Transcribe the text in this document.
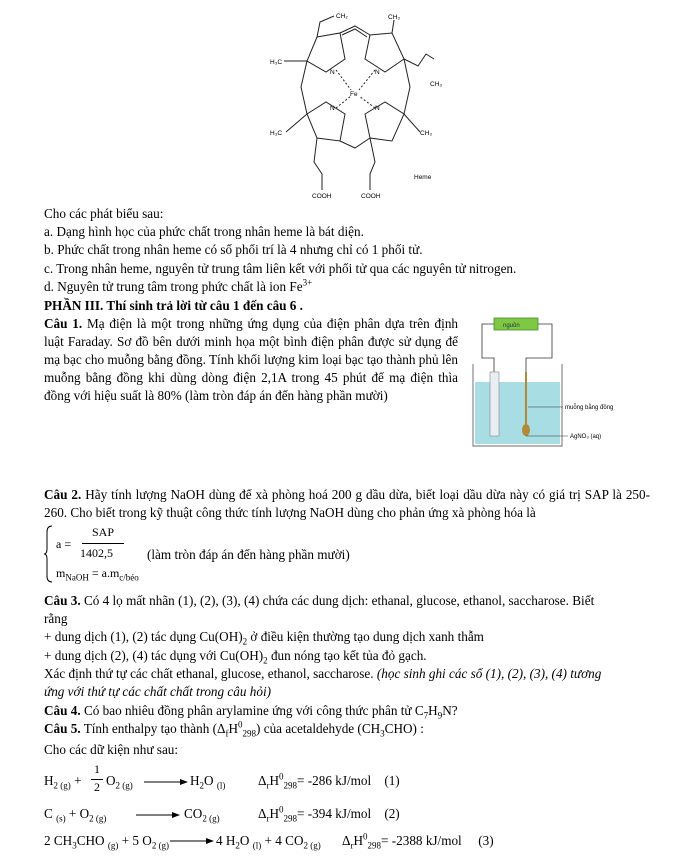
CH₂	CH₃
H₃C
CH₃
H₃C	CH₃
N	N
N	N
Fe
COOH	COOH
Heme
Cho các phát biểu sau:
a. Dạng hình học của phức chất trong nhân heme là bát diện.
b. Phức chất trong nhân heme có số phối trí là 4 nhưng chỉ có 1 phối tử.
c. Trong nhân heme, nguyên tử trung tâm liên kết với phối tử qua các nguyên tử nitrogen.
d. Nguyên tử trung tâm trong phức chất là ion $Fe^{3+}$
PHẦN III. Thí sinh trả lời từ câu 1 đến câu 6 .
Câu 1. Mạ điện là một trong những ứng dụng của điện phân dựa trên định luật Faraday. Sơ đồ bên dưới minh họa một bình điện phân được sử dụng để mạ bạc cho muỗng bằng đồng. Tính khối lượng kim loại bạc tạo thành phủ lên muỗng bằng đồng khi dùng dòng điện 2,1A trong 45 phút để mạ điện thìa đồng với hiệu suất là 80% (làm tròn đáp án đến hàng phần mười)
nguồn
muỗng bằng đồng
AgNO₃ (aq)
Câu 2. Hãy tính lượng NaOH dùng để xà phòng hoá 200 g dầu dừa, biết loại dầu dừa này có giá trị SAP là 250-260. Cho biết trong kỹ thuật công thức tính lượng NaOH dùng cho phản ứng xà phòng hóa là
a =
SAP
1402,5
$m_{NaOH} = a.m_{c/béo}$
(làm tròn đáp án đến hàng phần mười)
Câu 3. Có 4 lọ mất nhãn (1), (2), (3), (4) chứa các dung dịch: ethanal, glucose, ethanol, saccharose. Biết
rằng
+ dung dịch (1), (2) tác dụng $Cu(OH)_2$ ở điều kiện thường tạo dung dịch xanh thẫm
+ dung dịch (2), (4) tác dụng với $Cu(OH)_2$ đun nóng tạo kết tủa đỏ gạch.
Xác định thứ tự các chất ethanal, glucose, ethanol, saccharose. (học sinh ghi các số (1), (2), (3), (4) tương
ứng với thứ tự các chất chất trong câu hỏi)
Câu 4. Có bao nhiêu đồng phân arylamine ứng với công thức phân tử $C_7H_9N$?
Câu 5. Tính enthalpy tạo thành $(\Delta_fH^0_{298})$ của acetaldehyde $(CH_3CHO)$ :
Cho các dữ kiện như sau:
$H_{2 (g)}$ +
1
2 $O_{2 (g)}$	$H_2O$ $_{(l)}$ $\Delta_rH^0_{298}= -286$ kJ/mol (1)
C $_{(s)} + O_{2 (g)} \to CO_{2 (g)}$	$\Delta_rH^0_{298}= -394$ kJ/mol (2)
2 $CH_3CHO$ $_{(g)}$ + 5 $O_{2 (g)} \to 4$ $H_2O$ $_{(l)}$ + 4 $CO_{2 (g)}$ $\Delta_rH^0_{298}= -2388$ kJ/mol (3)
